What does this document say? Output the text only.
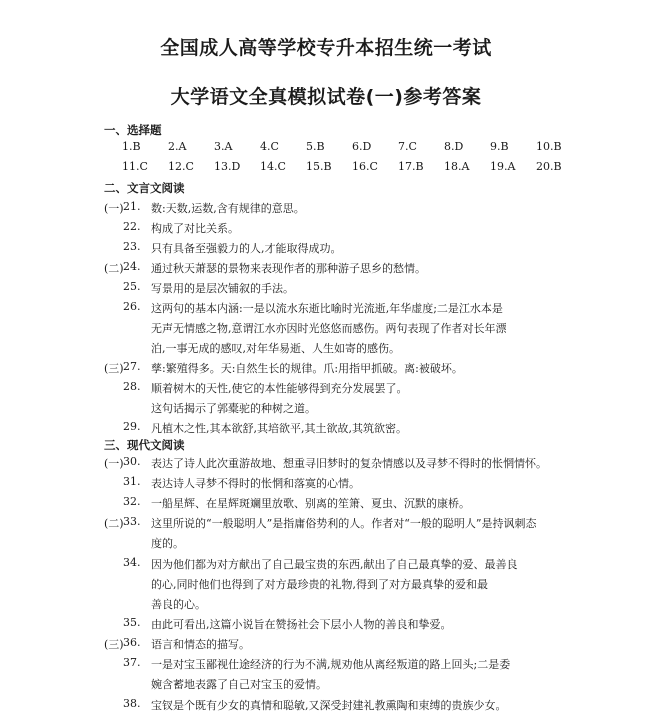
全国成人高等学校专升本招生统一考试
大学语文全真模拟试卷(一)参考答案
一、选择题
1.B 2.A	3.A	4.C 5.B 6.D 7.C 8.D 9.B 10.B
11.C 12.C 13.D 14.C 15.B 16.C 17.B 18.A 19.A 20.B
二、文言文阅读
(一) 21. 数:天数,运数,含有规律的意思。
22. 构成了对比关系。
23. 只有具备至强毅力的人,才能取得成功。
(二) 24. 通过秋天萧瑟的景物来表现作者的那种游子思乡的愁情。
25. 写景用的是层次铺叙的手法。
26. 这两句的基本内涵:一是以流水东逝比喻时光流逝,年华虚度;二是江水本是
无声无情感之物,意谓江水亦因时光悠悠而感伤。两句表现了作者对长年漂
泊,一事无成的感叹,对年华易逝、人生如寄的感伤。
(三) 27. 孳:繁殖得多。天:自然生长的规律。爪:用指甲抓破。离:被破坏。
28. 顺着树木的天性,使它的本性能够得到充分发展罢了。
这句话揭示了郭橐驼的种树之道。
29. 凡植木之性,其本欲舒,其培欲平,其土欲故,其筑欲密。
三、现代文阅读
(一) 30. 表达了诗人此次重游故地、想重寻旧梦时的复杂情感以及寻梦不得时的怅惘情怀。
31. 表达诗人寻梦不得时的怅惘和落寞的心情。
32. 一船星辉、在星辉斑斓里放歌、别离的笙箫、夏虫、沉默的康桥。
(二) 33. 这里所说的“一般聪明人”是指庸俗势利的人。作者对“一般的聪明人”是持讽刺态
度的。
34. 因为他们都为对方献出了自己最宝贵的东西,献出了自己最真挚的爱、最善良
的心,同时他们也得到了对方最珍贵的礼物,得到了对方最真挚的爱和最
善良的心。
35. 由此可看出,这篇小说旨在赞扬社会下层小人物的善良和挚爱。
(三) 36. 语言和情态的描写。
37. 一是对宝玉鄙视仕途经济的行为不满,规劝他从离经叛道的路上回头;二是委
婉含蓄地表露了自己对宝玉的爱情。
38. 宝钗是个既有少女的真情和聪敏,又深受封建礼教熏陶和束缚的贵族少女。
